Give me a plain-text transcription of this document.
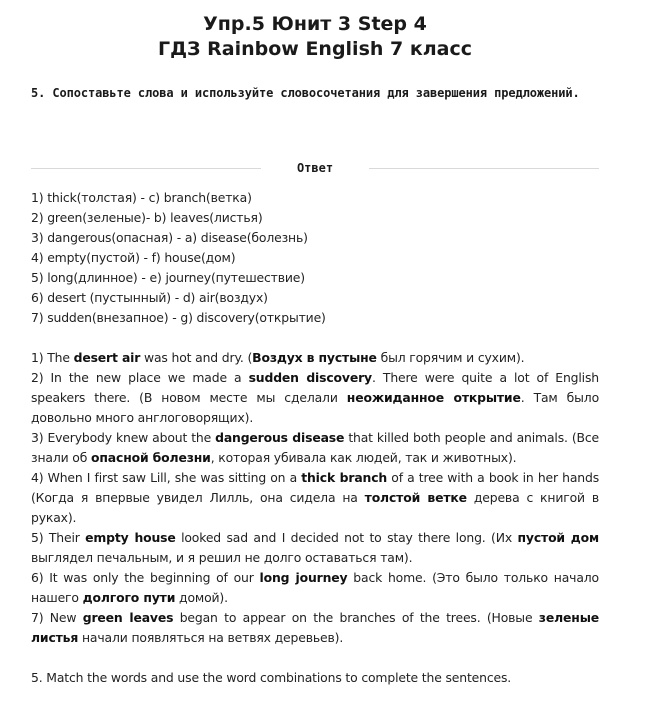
Упр.5 Юнит 3 Step 4
ГДЗ Rainbow English 7 класс
5. Сопоставьте слова и используйте словосочетания для завершения предложений.
Ответ
1) thick(толстая) - c) branch(ветка)
2) green(зеленые)- b) leaves(листья)
3) dangerous(опасная) - a) disease(болезнь)
4) empty(пустой) - f) house(дом)
5) long(длинное) - e) journey(путешествие)
6) desert (пустынный) - d) air(воздух)
7) sudden(внезапное) - g) discovery(открытие)

1) The desert air was hot and dry. (Воздух в пустыне был горячим и сухим).

2) In the new place we made a sudden discovery. There were quite a lot of English speakers there. (В новом месте мы сделали неожиданное открытие. Там было довольно много англоговорящих).

3) Everybody knew about the dangerous disease that killed both people and animals. (Все знали об опасной болезни, которая убивала как людей, так и животных).

4) When I first saw Lill, she was sitting on a thick branch of a tree with a book in her hands (Когда я впервые увидел Лилль, она сидела на толстой ветке дерева с книгой в руках).

5) Their empty house looked sad and I decided not to stay there long. (Их пустой дом выглядел печальным, и я решил не долго оставаться там).

6) It was only the beginning of our long journey back home. (Это было только начало нашего долгого пути домой).

7) New green leaves began to appear on the branches of the trees. (Новые зеленые листья начали появляться на ветвях деревьев).

5. Match the words and use the word combinations to complete the sentences.
